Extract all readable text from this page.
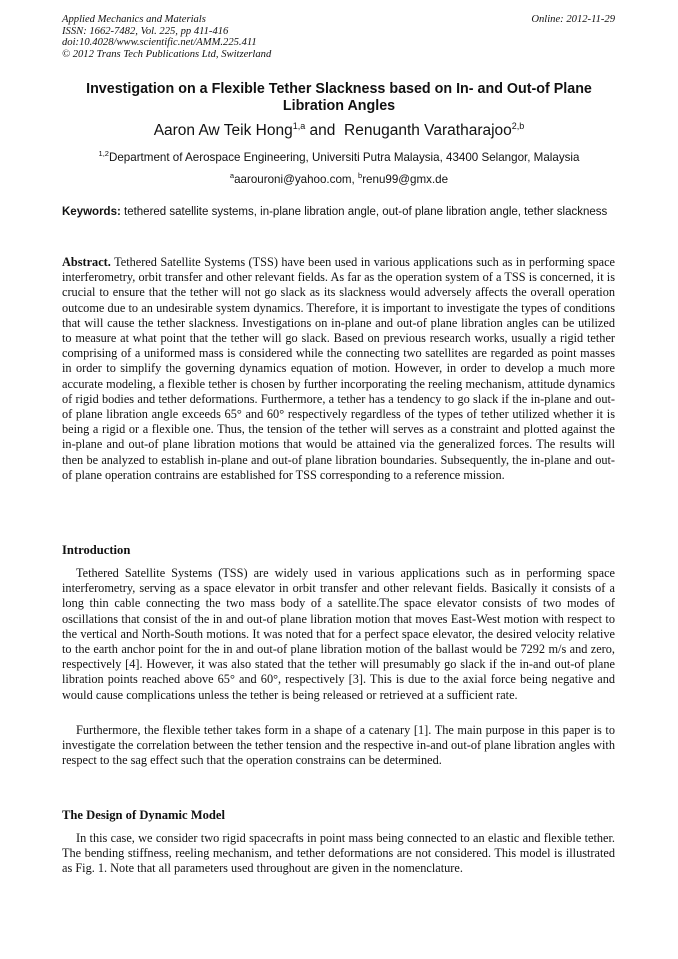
Applied Mechanics and Materials
ISSN: 1662-7482, Vol. 225, pp 411-416
doi:10.4028/www.scientific.net/AMM.225.411
© 2012 Trans Tech Publications Ltd, Switzerland
Online: 2012-11-29
Investigation on a Flexible Tether Slackness based on In- and Out-of Plane Libration Angles
Aaron Aw Teik Hong$^{1,a}$ and Renuganth Varatharajoo$^{2,b}$
$^{1,2}$Department of Aerospace Engineering, Universiti Putra Malaysia, 43400 Selangor, Malaysia
$^a$aarouroni@yahoo.com, $^b$renu99@gmx.de
Keywords: tethered satellite systems, in-plane libration angle, out-of plane libration angle, tether slackness
Abstract. Tethered Satellite Systems (TSS) have been used in various applications such as in performing space interferometry, orbit transfer and other relevant fields. As far as the operation system of a TSS is concerned, it is crucial to ensure that the tether will not go slack as its slackness would adversely affects the overall operation outcome due to an undesirable system dynamics. Therefore, it is important to investigate the types of conditions that will cause the tether slackness. Investigations on in-plane and out-of plane libration angles can be utilized to measure at what point that the tether will go slack. Based on previous research works, usually a rigid tether comprising of a uniformed mass is considered while the connecting two satellites are regarded as point masses in order to simplify the governing dynamics equation of motion. However, in order to develop a much more accurate modeling, a flexible tether is chosen by further incorporating the reeling mechanism, attitude dynamics of rigid bodies and tether deformations. Furthermore, a tether has a tendency to go slack if the in-plane and out-of plane libration angle exceeds 65° and 60° respectively regardless of the types of tether utilized whether it is being a rigid or a flexible one. Thus, the tension of the tether will serves as a constraint and plotted against the in-plane and out-of plane libration motions that would be attained via the generalized forces. The results will then be analyzed to establish in-plane and out-of plane libration boundaries. Subsequently, the in-plane and out-of plane operation contrains are established for TSS corresponding to a reference mission.
Introduction
Tethered Satellite Systems (TSS) are widely used in various applications such as in performing space interferometry, serving as a space elevator in orbit transfer and other relevant fields. Basically it consists of a long thin cable connecting the two mass body of a satellite.The space elevator consists of two modes of oscillations that consist of the in and out-of plane libration motion that moves East-West motion with respect to the vertical and North-South motions. It was noted that for a perfect space elevator, the desired velocity relative to the earth anchor point for the in and out-of plane libration motion of the ballast would be 7292 m/s and zero, respectively [4]. However, it was also stated that the tether will presumably go slack if the in-and out-of plane libration points reached above 65° and 60°, respectively [3]. This is due to the axial force being negative and would cause complications unless the tether is being released or retrieved at a sufficient rate.
Furthermore, the flexible tether takes form in a shape of a catenary [1]. The main purpose in this paper is to investigate the correlation between the tether tension and the respective in-and out-of plane libration angles with respect to the sag effect such that the operation constrains can be determined.
The Design of Dynamic Model
In this case, we consider two rigid spacecrafts in point mass being connected to an elastic and flexible tether. The bending stiffness, reeling mechanism, and tether deformations are not considered. This model is illustrated as Fig. 1. Note that all parameters used throughout are given in the nomenclature.
